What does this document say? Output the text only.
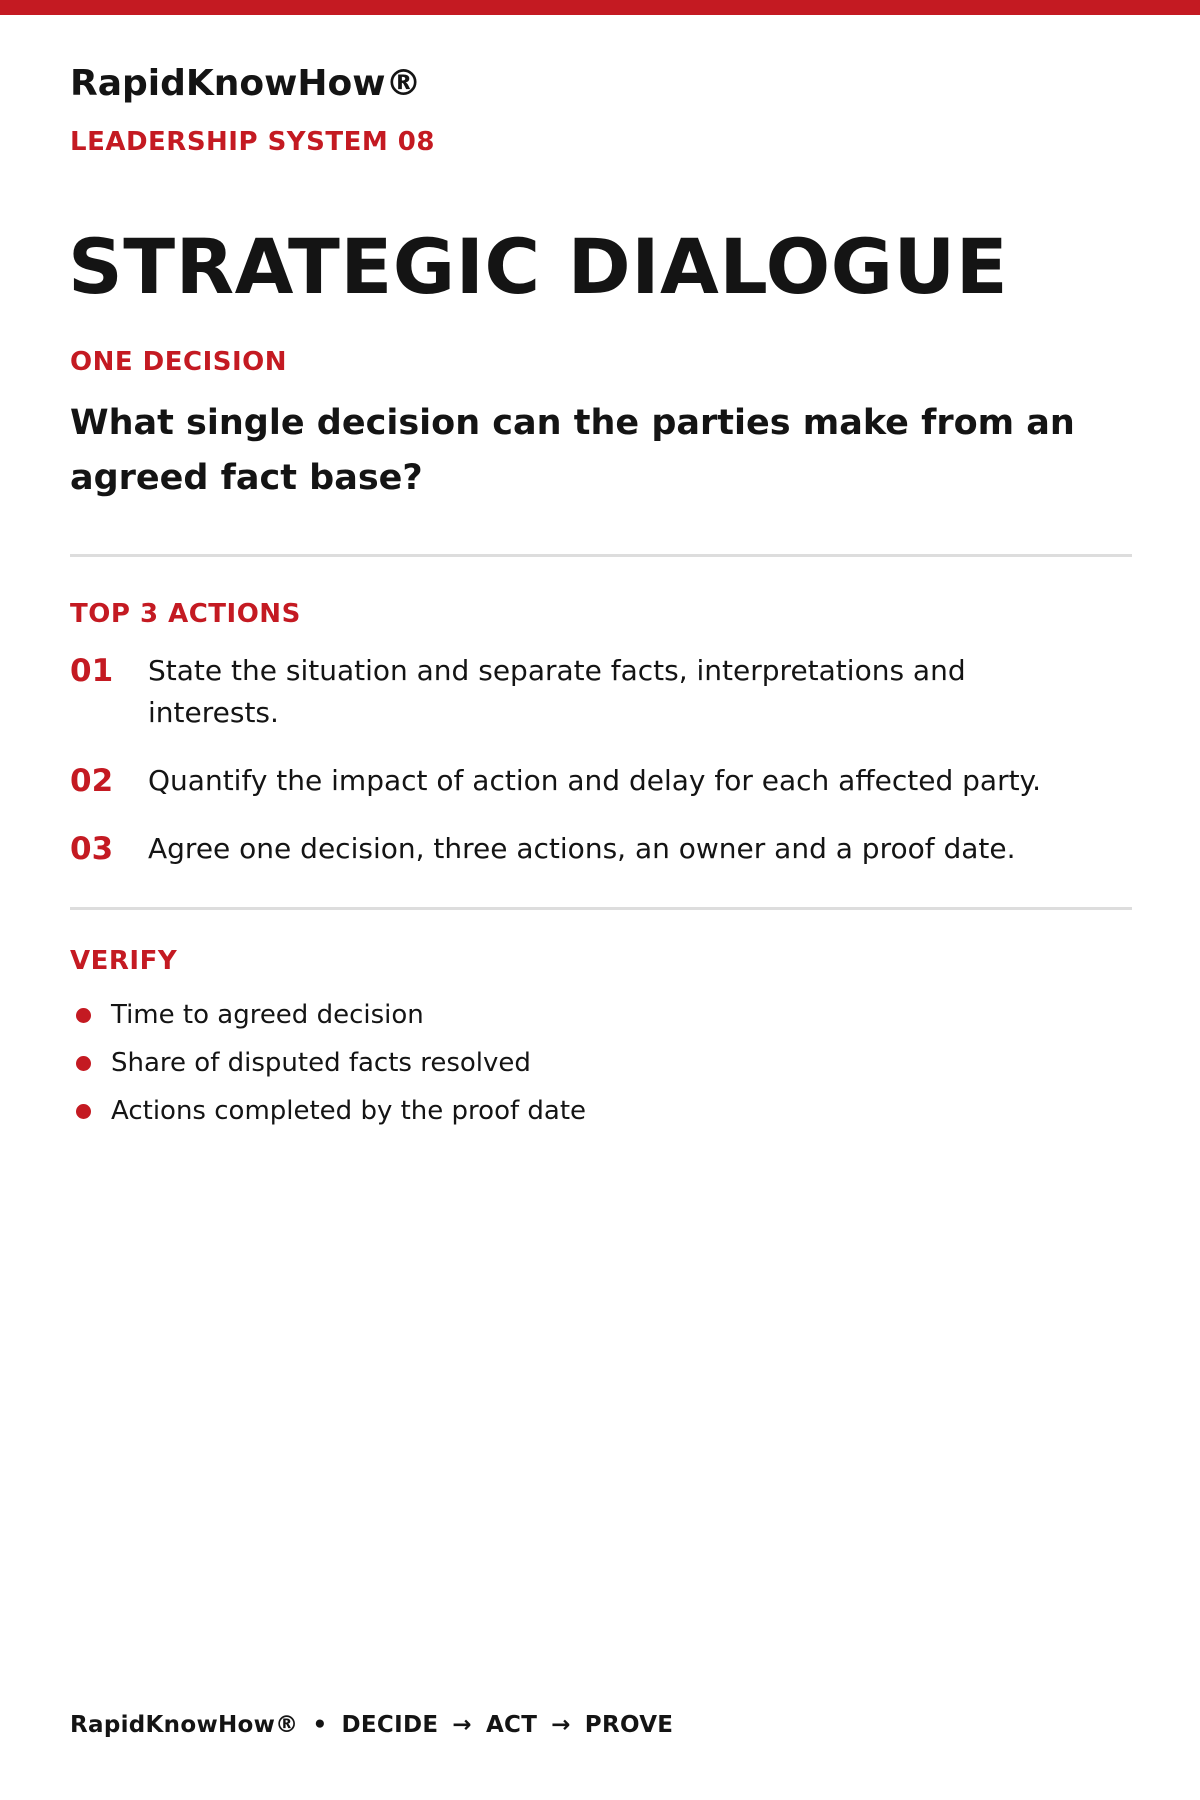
RapidKnowHow®
LEADERSHIP SYSTEM 08
STRATEGIC DIALOGUE
ONE DECISION
What single decision can the parties make from an agreed fact base?
TOP 3 ACTIONS
01 State the situation and separate facts, interpretations and interests.
02 Quantify the impact of action and delay for each affected party.
03 Agree one decision, three actions, an owner and a proof date.
VERIFY
Time to agreed decision
Share of disputed facts resolved
Actions completed by the proof date
RapidKnowHow® • DECIDE → ACT → PROVE
